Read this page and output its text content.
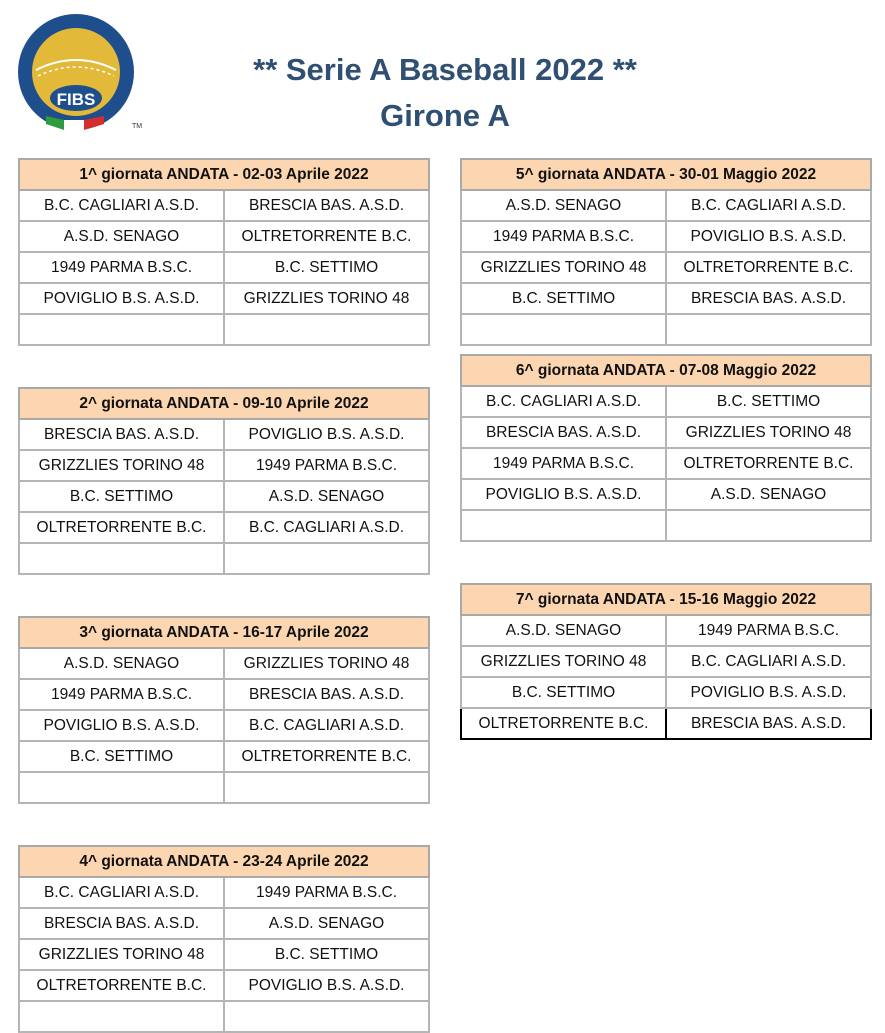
FIBS
TM
** Serie A Baseball 2022 **
Girone A
1^ giornata ANDATA - 02-03 Aprile 2022	
B.C. CAGLIARI A.S.D.	BRESCIA BAS. A.S.D.
A.S.D. SENAGO	OLTRETORRENTE B.C.
1949 PARMA B.S.C.	B.C. SETTIMO
POVIGLIO B.S. A.S.D.	GRIZZLIES TORINO 48

2^ giornata ANDATA - 09-10 Aprile 2022	
BRESCIA BAS. A.S.D.	POVIGLIO B.S. A.S.D.
GRIZZLIES TORINO 48	1949 PARMA B.S.C.
B.C. SETTIMO	A.S.D. SENAGO
OLTRETORRENTE B.C.	B.C. CAGLIARI A.S.D.

3^ giornata ANDATA - 16-17 Aprile 2022	
A.S.D. SENAGO	GRIZZLIES TORINO 48
1949 PARMA B.S.C.	BRESCIA BAS. A.S.D.
POVIGLIO B.S. A.S.D.	B.C. CAGLIARI A.S.D.
B.C. SETTIMO	OLTRETORRENTE B.C.

4^ giornata ANDATA - 23-24 Aprile 2022	
B.C. CAGLIARI A.S.D.	1949 PARMA B.S.C.
BRESCIA BAS. A.S.D.	A.S.D. SENAGO
GRIZZLIES TORINO 48	B.C. SETTIMO
OLTRETORRENTE B.C.	POVIGLIO B.S. A.S.D.

5^ giornata ANDATA - 30-01 Maggio 2022	
A.S.D. SENAGO	B.C. CAGLIARI A.S.D.
1949 PARMA B.S.C.	POVIGLIO B.S. A.S.D.
GRIZZLIES TORINO 48	OLTRETORRENTE B.C.
B.C. SETTIMO	BRESCIA BAS. A.S.D.

6^ giornata ANDATA - 07-08 Maggio 2022	
B.C. CAGLIARI A.S.D.	B.C. SETTIMO
BRESCIA BAS. A.S.D.	GRIZZLIES TORINO 48
1949 PARMA B.S.C.	OLTRETORRENTE B.C.
POVIGLIO B.S. A.S.D.	A.S.D. SENAGO

7^ giornata ANDATA - 15-16 Maggio 2022	
A.S.D. SENAGO	1949 PARMA B.S.C.
GRIZZLIES TORINO 48	B.C. CAGLIARI A.S.D.
B.C. SETTIMO	POVIGLIO B.S. A.S.D.
OLTRETORRENTE B.C.	BRESCIA BAS. A.S.D.
